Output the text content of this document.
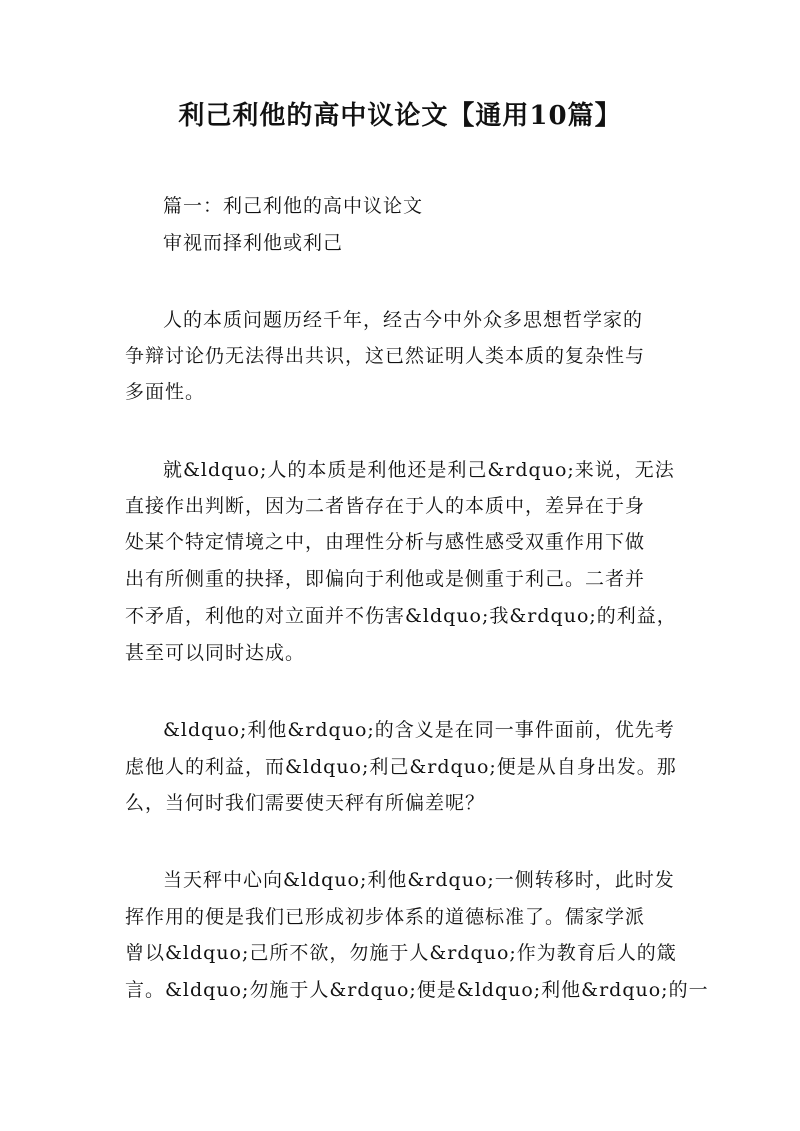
利己利他的高中议论文【通用10篇】
篇一：利己利他的高中议论文
审视而择利他或利己
人的本质问题历经千年，经古今中外众多思想哲学家的
争辩讨论仍无法得出共识，这已然证明人类本质的复杂性与
多面性。
就&ldquo;人的本质是利他还是利己&rdquo;来说，无法
直接作出判断，因为二者皆存在于人的本质中，差异在于身
处某个特定情境之中，由理性分析与感性感受双重作用下做
出有所侧重的抉择，即偏向于利他或是侧重于利己。二者并
不矛盾，利他的对立面并不伤害&ldquo;我&rdquo;的利益，
甚至可以同时达成。
&ldquo;利他&rdquo;的含义是在同一事件面前，优先考
虑他人的利益，而&ldquo;利己&rdquo;便是从自身出发。那
么，当何时我们需要使天秤有所偏差呢？
当天秤中心向&ldquo;利他&rdquo;一侧转移时，此时发
挥作用的便是我们已形成初步体系的道德标准了。儒家学派
曾以&ldquo;己所不欲，勿施于人&rdquo;作为教育后人的箴
言。&ldquo;勿施于人&rdquo;便是&ldquo;利他&rdquo;的一
